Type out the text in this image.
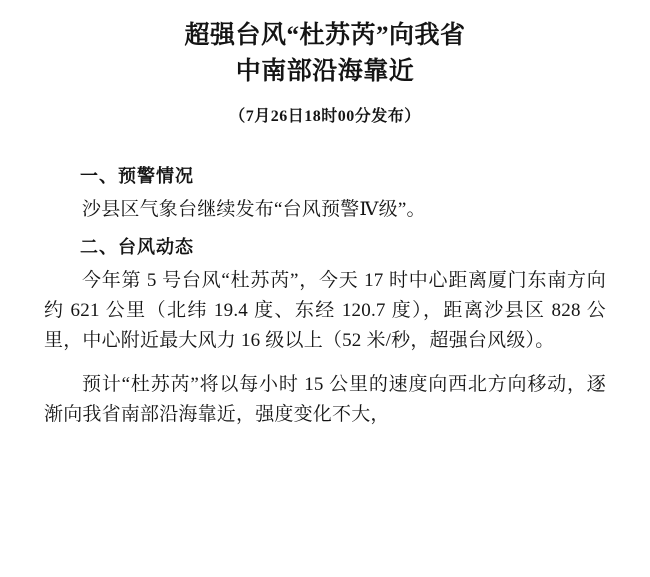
超强台风“杜苏芮”向我省
中南部沿海靠近
（7月26日18时00分发布）
一、预警情况

沙县区气象台继续发布“台风预警Ⅳ级”。

二、台风动态

今年第 5 号台风“杜苏芮”，今天 17 时中心距离厦门东南方向约 621 公里（北纬 19.4 度、东经 120.7 度），距离沙县区 828 公里，中心附近最大风力 16 级以上（52 米/秒，超强台风级）。

预计“杜苏芮”将以每小时 15 公里的速度向西北方向移动，逐渐向我省南部沿海靠近，强度变化不大，
